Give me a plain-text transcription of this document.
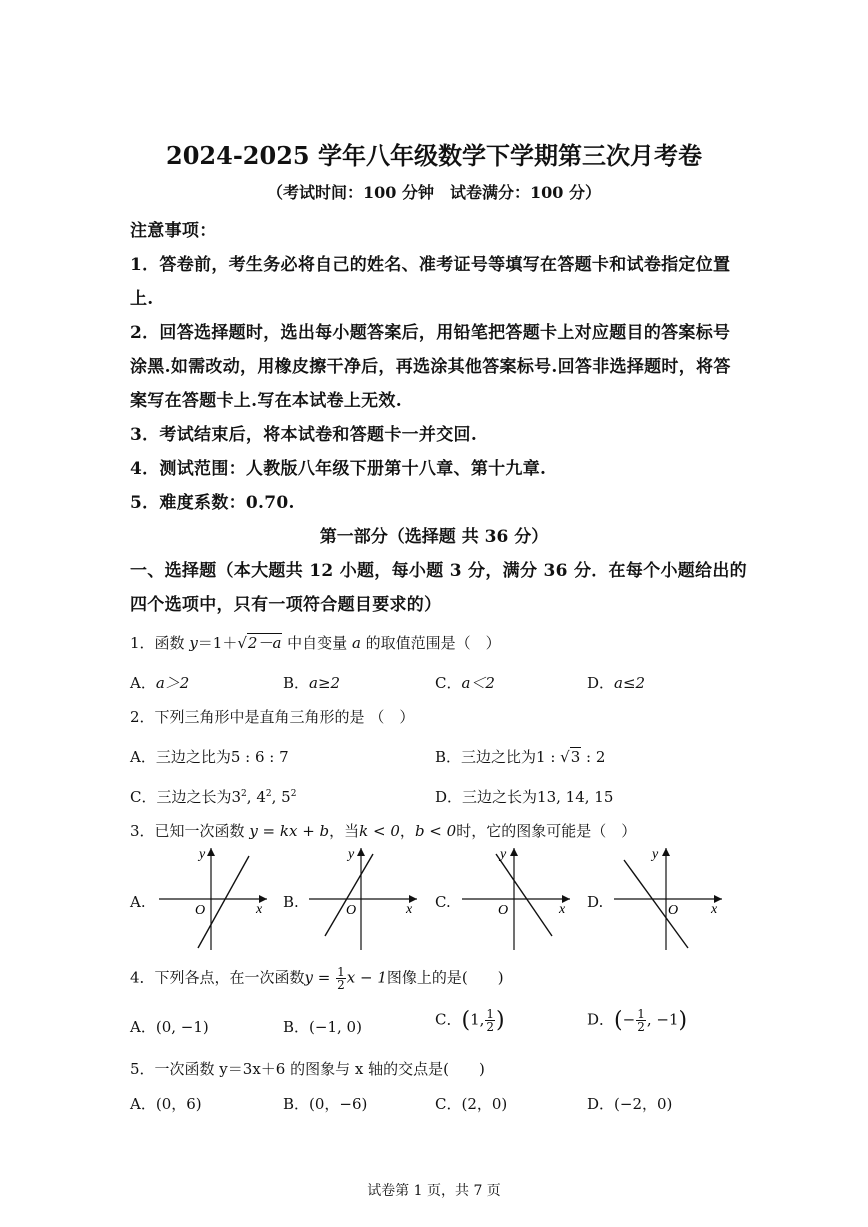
2024-2025 学年八年级数学下学期第三次月考卷
（考试时间：100 分钟　试卷满分：100 分）
注意事项：
1．答卷前，考生务必将自己的姓名、准考证号等填写在答题卡和试卷指定位置
上.
2．回答选择题时，选出每小题答案后，用铅笔把答题卡上对应题目的答案标号
涂黑.如需改动，用橡皮擦干净后，再选涂其他答案标号.回答非选择题时，将答
案写在答题卡上.写在本试卷上无效.
3．考试结束后，将本试卷和答题卡一并交回.
4．测试范围：人教版八年级下册第十八章、第十九章.
5．难度系数：0.70.
第一部分（选择题 共 36 分）
一、选择题（本大题共 12 小题，每小题 3 分，满分 36 分．在每个小题给出的
四个选项中，只有一项符合题目要求的）
1．函数 y＝1＋√2－a 中自变量 a 的取值范围是（　）
A．a＞2	B．a≥2	C．a＜2	D．a≤2
2．下列三角形中是直角三角形的是 （　）
A．三边之比为5 : 6 : 7	B．三边之比为1 : √3 : 2
C．三边之长为$3^2$, $4^2$, $5^2$	D．三边之长为13, 14, 15
3．已知一次函数 y = kx + b，当k < 0，b < 0时，它的图象可能是（　）
A.	B.	C.	D.
y
x
O
y
x
O
y
x
O
y
x
O
4．下列各点，在一次函数$y = \frac{1}{2}$ x − 1图像上的是(　　)
A．(0, −1)	B．(−1, 0)	C．(1, $\frac{1}{2}$ )	D．(− $\frac{1}{2}$ , −1)
5．一次函数 y＝3x＋6 的图象与 x 轴的交点是(　　)
A．(0，6)	B．(0，−6)	C．(2，0)	D．(−2，0)
试卷第 1 页，共 7 页
